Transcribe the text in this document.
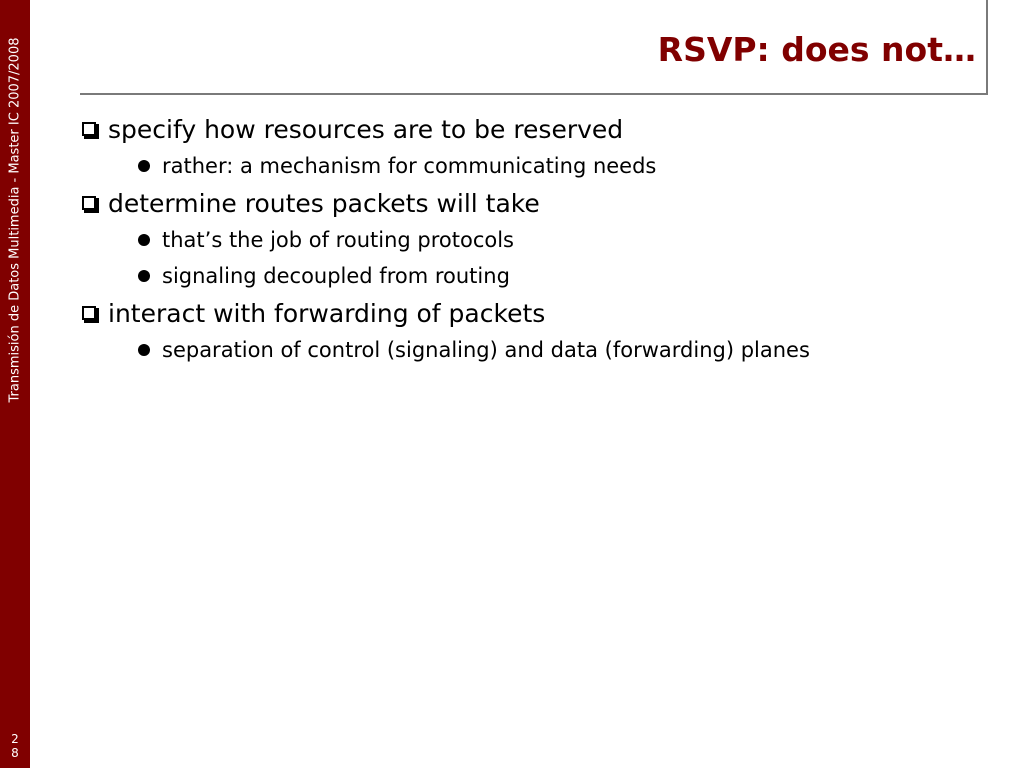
Transmisión de Datos Multimedia - Master IC 2007/2008
2
8
RSVP: does not…
specify how resources are to be reserved
rather: a mechanism for communicating needs
determine routes packets will take
that’s the job of routing protocols
signaling decoupled from routing
interact with forwarding of packets
separation of control (signaling) and data (forwarding) planes
